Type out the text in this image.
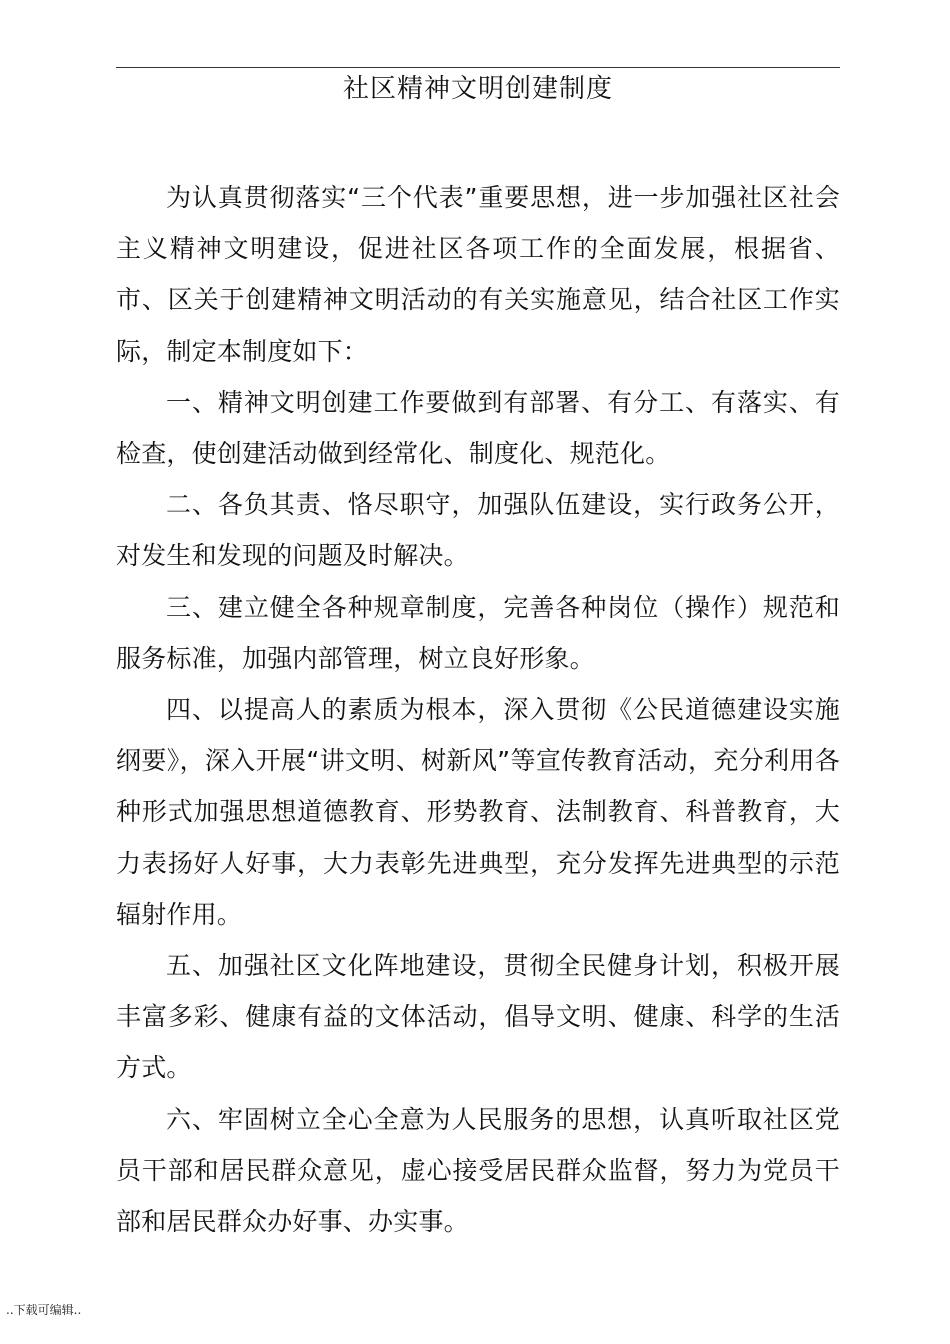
社区精神文明创建制度

为认真贯彻落实“三个代表”重要思想，进一步加强社区社会主义精神文明建设，促进社区各项工作的全面发展，根据省、市、区关于创建精神文明活动的有关实施意见，结合社区工作实际，制定本制度如下：

一、精神文明创建工作要做到有部署、有分工、有落实、有检查，使创建活动做到经常化、制度化、规范化。

二、各负其责、恪尽职守，加强队伍建设，实行政务公开，对发生和发现的问题及时解决。

三、建立健全各种规章制度，完善各种岗位（操作）规范和服务标准，加强内部管理，树立良好形象。

四、以提高人的素质为根本，深入贯彻《公民道德建设实施纲要》，深入开展“讲文明、树新风”等宣传教育活动，充分利用各种形式加强思想道德教育、形势教育、法制教育、科普教育，大力表扬好人好事，大力表彰先进典型，充分发挥先进典型的示范辐射作用。

五、加强社区文化阵地建设，贯彻全民健身计划，积极开展丰富多彩、健康有益的文体活动，倡导文明、健康、科学的生活方式。

六、牢固树立全心全意为人民服务的思想，认真听取社区党员干部和居民群众意见，虚心接受居民群众监督，努力为党员干部和居民群众办好事、办实事。

..下载可编辑..
